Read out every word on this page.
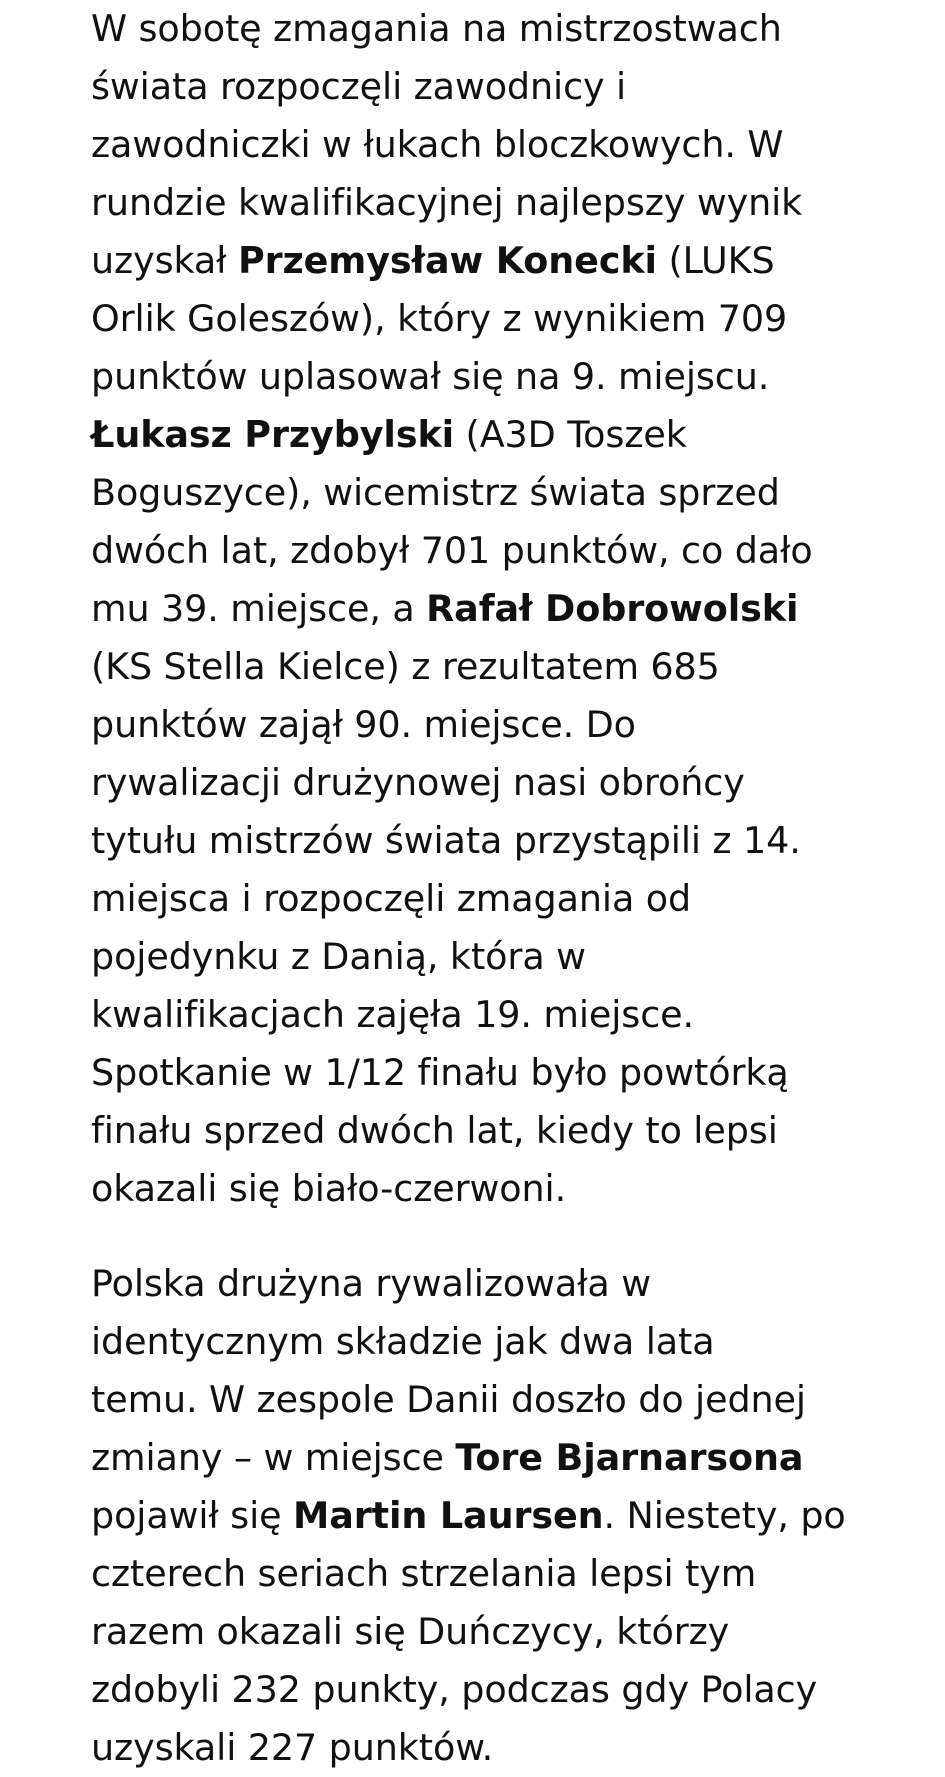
W sobotę zmagania na mistrzostwach
świata rozpoczęli zawodnicy i
zawodniczki w łukach bloczkowych. W
rundzie kwalifikacyjnej najlepszy wynik
uzyskał Przemysław Konecki (LUKS
Orlik Goleszów), który z wynikiem 709
punktów uplasował się na 9. miejscu.
Łukasz Przybylski (A3D Toszek
Boguszyce), wicemistrz świata sprzed
dwóch lat, zdobył 701 punktów, co dało
mu 39. miejsce, a Rafał Dobrowolski
(KS Stella Kielce) z rezultatem 685
punktów zajął 90. miejsce. Do
rywalizacji drużynowej nasi obrońcy
tytułu mistrzów świata przystąpili z 14.
miejsca i rozpoczęli zmagania od
pojedynku z Danią, która w
kwalifikacjach zajęła 19. miejsce.
Spotkanie w 1/12 finału było powtórką
finału sprzed dwóch lat, kiedy to lepsi
okazali się biało-czerwoni.

Polska drużyna rywalizowała w
identycznym składzie jak dwa lata
temu. W zespole Danii doszło do jednej
zmiany – w miejsce Tore Bjarnarsona
pojawił się Martin Laursen. Niestety, po
czterech seriach strzelania lepsi tym
razem okazali się Duńczycy, którzy
zdobyli 232 punkty, podczas gdy Polacy
uzyskali 227 punktów.
